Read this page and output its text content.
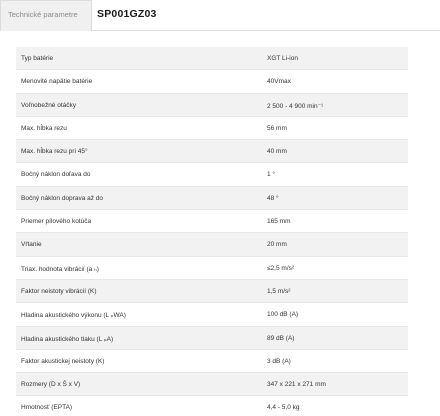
Technické parametre SP001GZ03
Typ batérie	XGT Li-ion
Menovité napätie batérie	40Vmax
Voľnobežné otáčky	2 500 - 4 900 min⁻¹
Max. hĺbka rezu	56 mm
Max. hĺbka rezu pri 45°	40 mm
Bočný náklon doľava do	1 °
Bočný náklon doprava až do	48 °
Priemer pílového kotúča	165 mm
Vŕtanie	20 mm
Triax. hodnota vibrácií (a ₕ)	≤2,5 m/s²
Faktor neistoty vibrácií (K)	1,5 m/s²
Hladina akustického výkonu (L ₚWA)	100 dB (A)
Hladina akustického tlaku (L ₚA)	89 dB (A)
Faktor akustickej neistoty (K)	3 dB (A)
Rozmery (D x Š x V)	347 x 221 x 271 mm
Hmotnosť (EPTA)	4,4 - 5,0 kg
